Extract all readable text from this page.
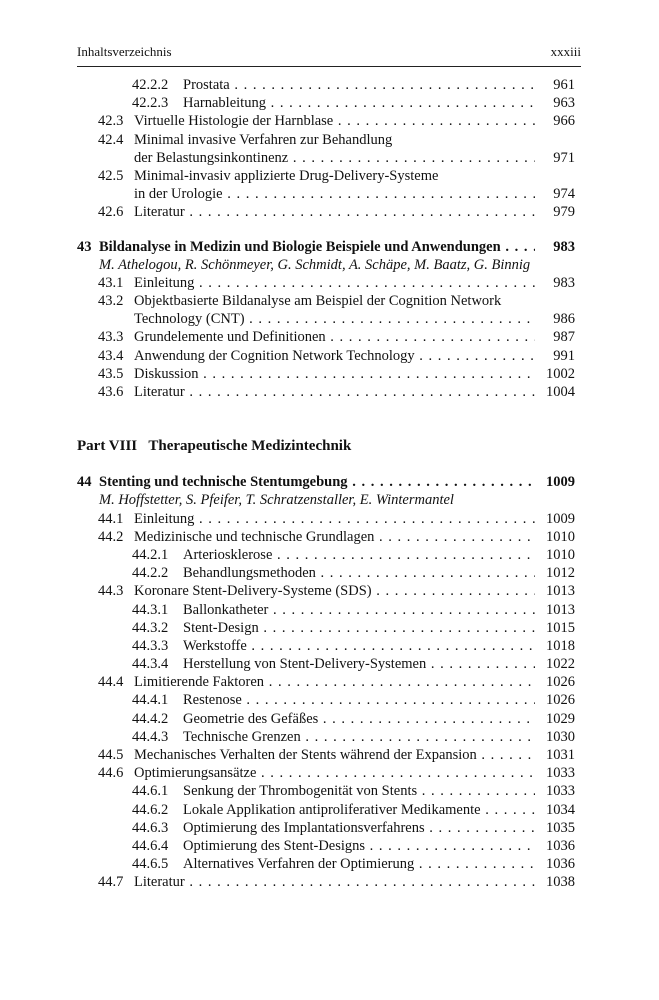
Inhaltsverzeichnis	xxxiii
42.2.2 Prostata . . .	961
42.2.3 Harnableitung . . .	963
42.3 Virtuelle Histologie der Harnblase . . .	966
42.4 Minimal invasive Verfahren zur Behandlung
der Belastungsinkontinenz . . .	971
42.5 Minimal-invasiv applizierte Drug-Delivery-Systeme
in der Urologie . . .	974
42.6 Literatur . . .	979
43 Bildanalyse in Medizin und Biologie Beispiele und Anwendungen . . .	983
M. Athelogou, R. Schönmeyer, G. Schmidt, A. Schäpe, M. Baatz, G. Binnig
43.1 Einleitung . . .	983
43.2 Objektbasierte Bildanalyse am Beispiel der Cognition Network
Technology (CNT) . . .	986
43.3 Grundelemente und Definitionen . . .	987
43.4 Anwendung der Cognition Network Technology . . .	991
43.5 Diskussion . . .	1002
43.6 Literatur . . .	1004
Part VIII Therapeutische Medizintechnik
44 Stenting und technische Stentumgebung . . .	1009
M. Hoffstetter, S. Pfeifer, T. Schratzenstaller, E. Wintermantel
44.1 Einleitung . . .	1009
44.2 Medizinische und technische Grundlagen . . .	1010
44.2.1 Arteriosklerose . . .	1010
44.2.2 Behandlungsmethoden . . .	1012
44.3 Koronare Stent-Delivery-Systeme (SDS) . . .	1013
44.3.1 Ballonkatheter . . .	1013
44.3.2 Stent-Design . . .	1015
44.3.3 Werkstoffe . . .	1018
44.3.4 Herstellung von Stent-Delivery-Systemen . . .	1022
44.4 Limitierende Faktoren . . .	1026
44.4.1 Restenose . . .	1026
44.4.2 Geometrie des Gefäßes . . .	1029
44.4.3 Technische Grenzen . . .	1030
44.5 Mechanisches Verhalten der Stents während der Expansion . . .	1031
44.6 Optimierungsansätze . . .	1033
44.6.1 Senkung der Thrombogenität von Stents . . .	1033
44.6.2 Lokale Applikation antiproliferativer Medikamente . . .	1034
44.6.3 Optimierung des Implantationsverfahrens . . .	1035
44.6.4 Optimierung des Stent-Designs . . .	1036
44.6.5 Alternatives Verfahren der Optimierung . . .	1036
44.7 Literatur . . .	1038
